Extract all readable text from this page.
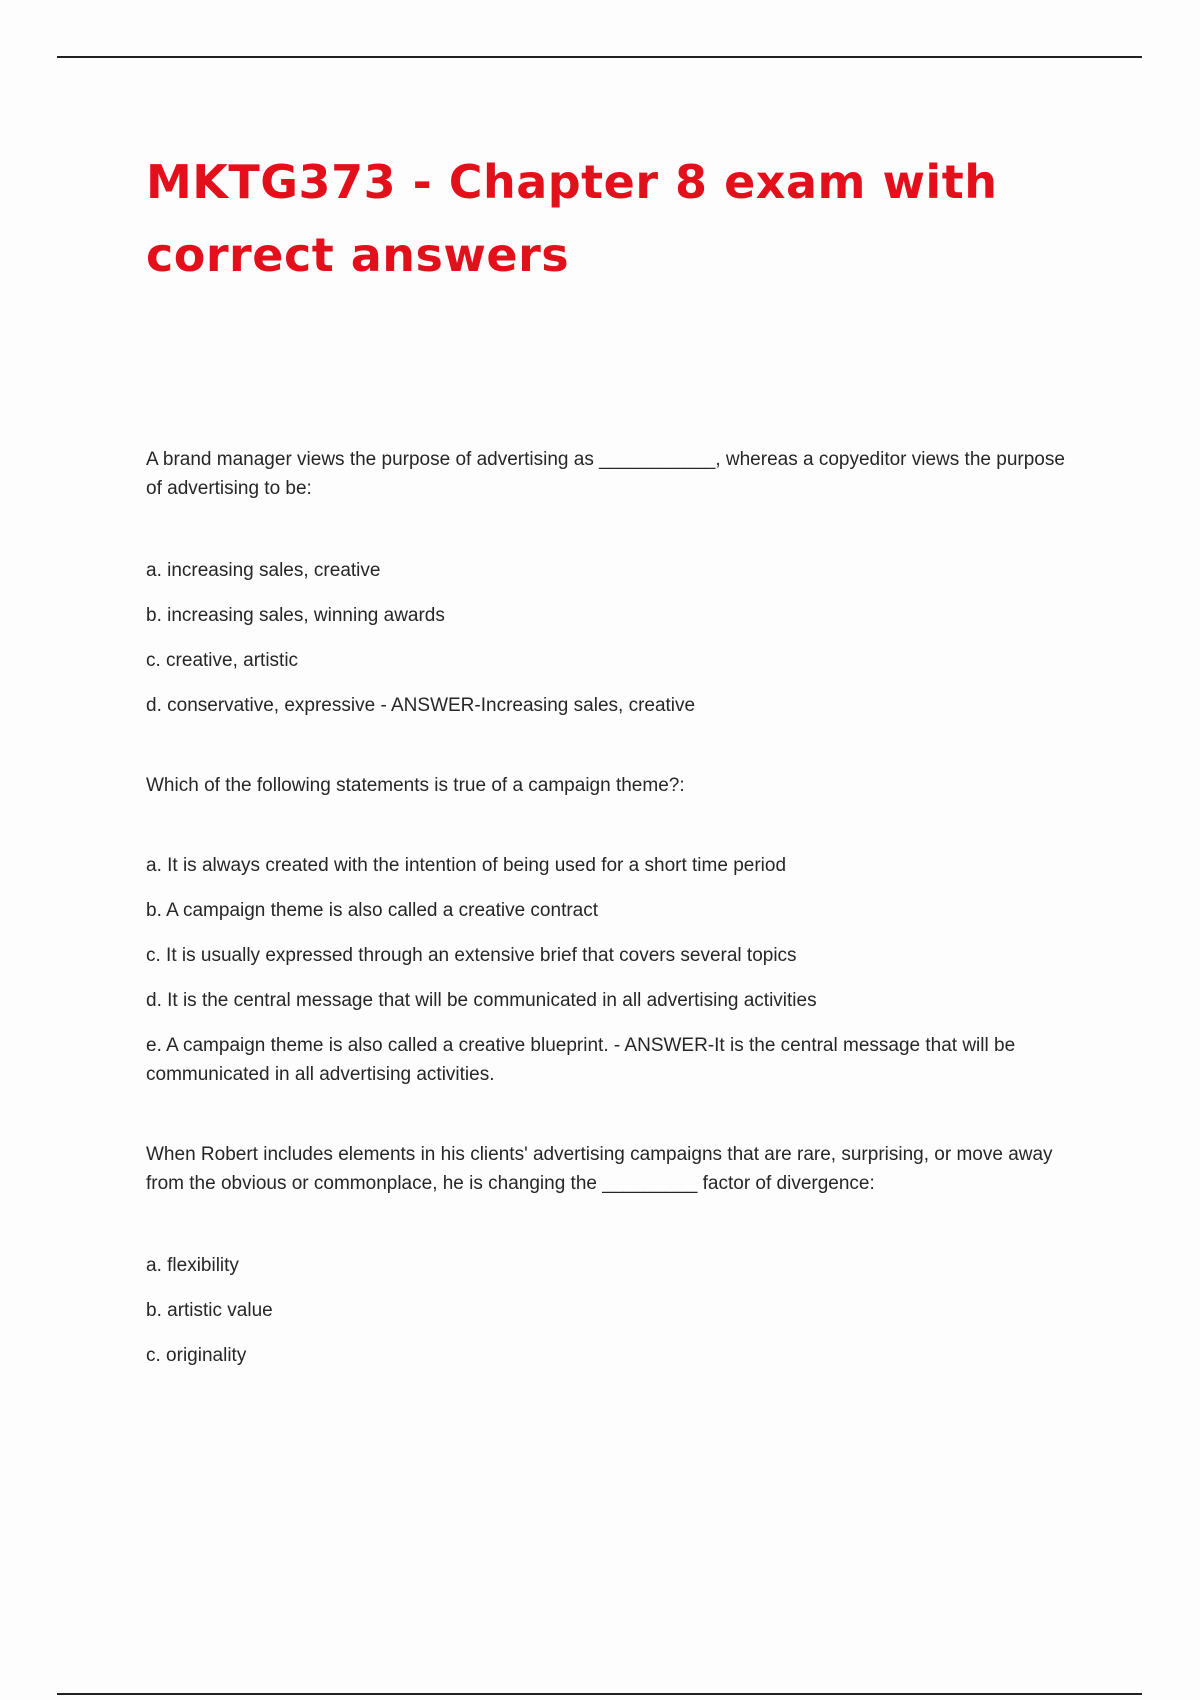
MKTG373 - Chapter 8 exam with correct answers

A brand manager views the purpose of advertising as ___________, whereas a copyeditor views the purpose of advertising to be:

a. increasing sales, creative

b. increasing sales, winning awards

c. creative, artistic

d. conservative, expressive - ANSWER-Increasing sales, creative

Which of the following statements is true of a campaign theme?:

a. It is always created with the intention of being used for a short time period

b. A campaign theme is also called a creative contract

c. It is usually expressed through an extensive brief that covers several topics

d. It is the central message that will be communicated in all advertising activities

e. A campaign theme is also called a creative blueprint. - ANSWER-It is the central message that will be communicated in all advertising activities.

When Robert includes elements in his clients' advertising campaigns that are rare, surprising, or move away from the obvious or commonplace, he is changing the _________ factor of divergence:

a. flexibility

b. artistic value

c. originality
